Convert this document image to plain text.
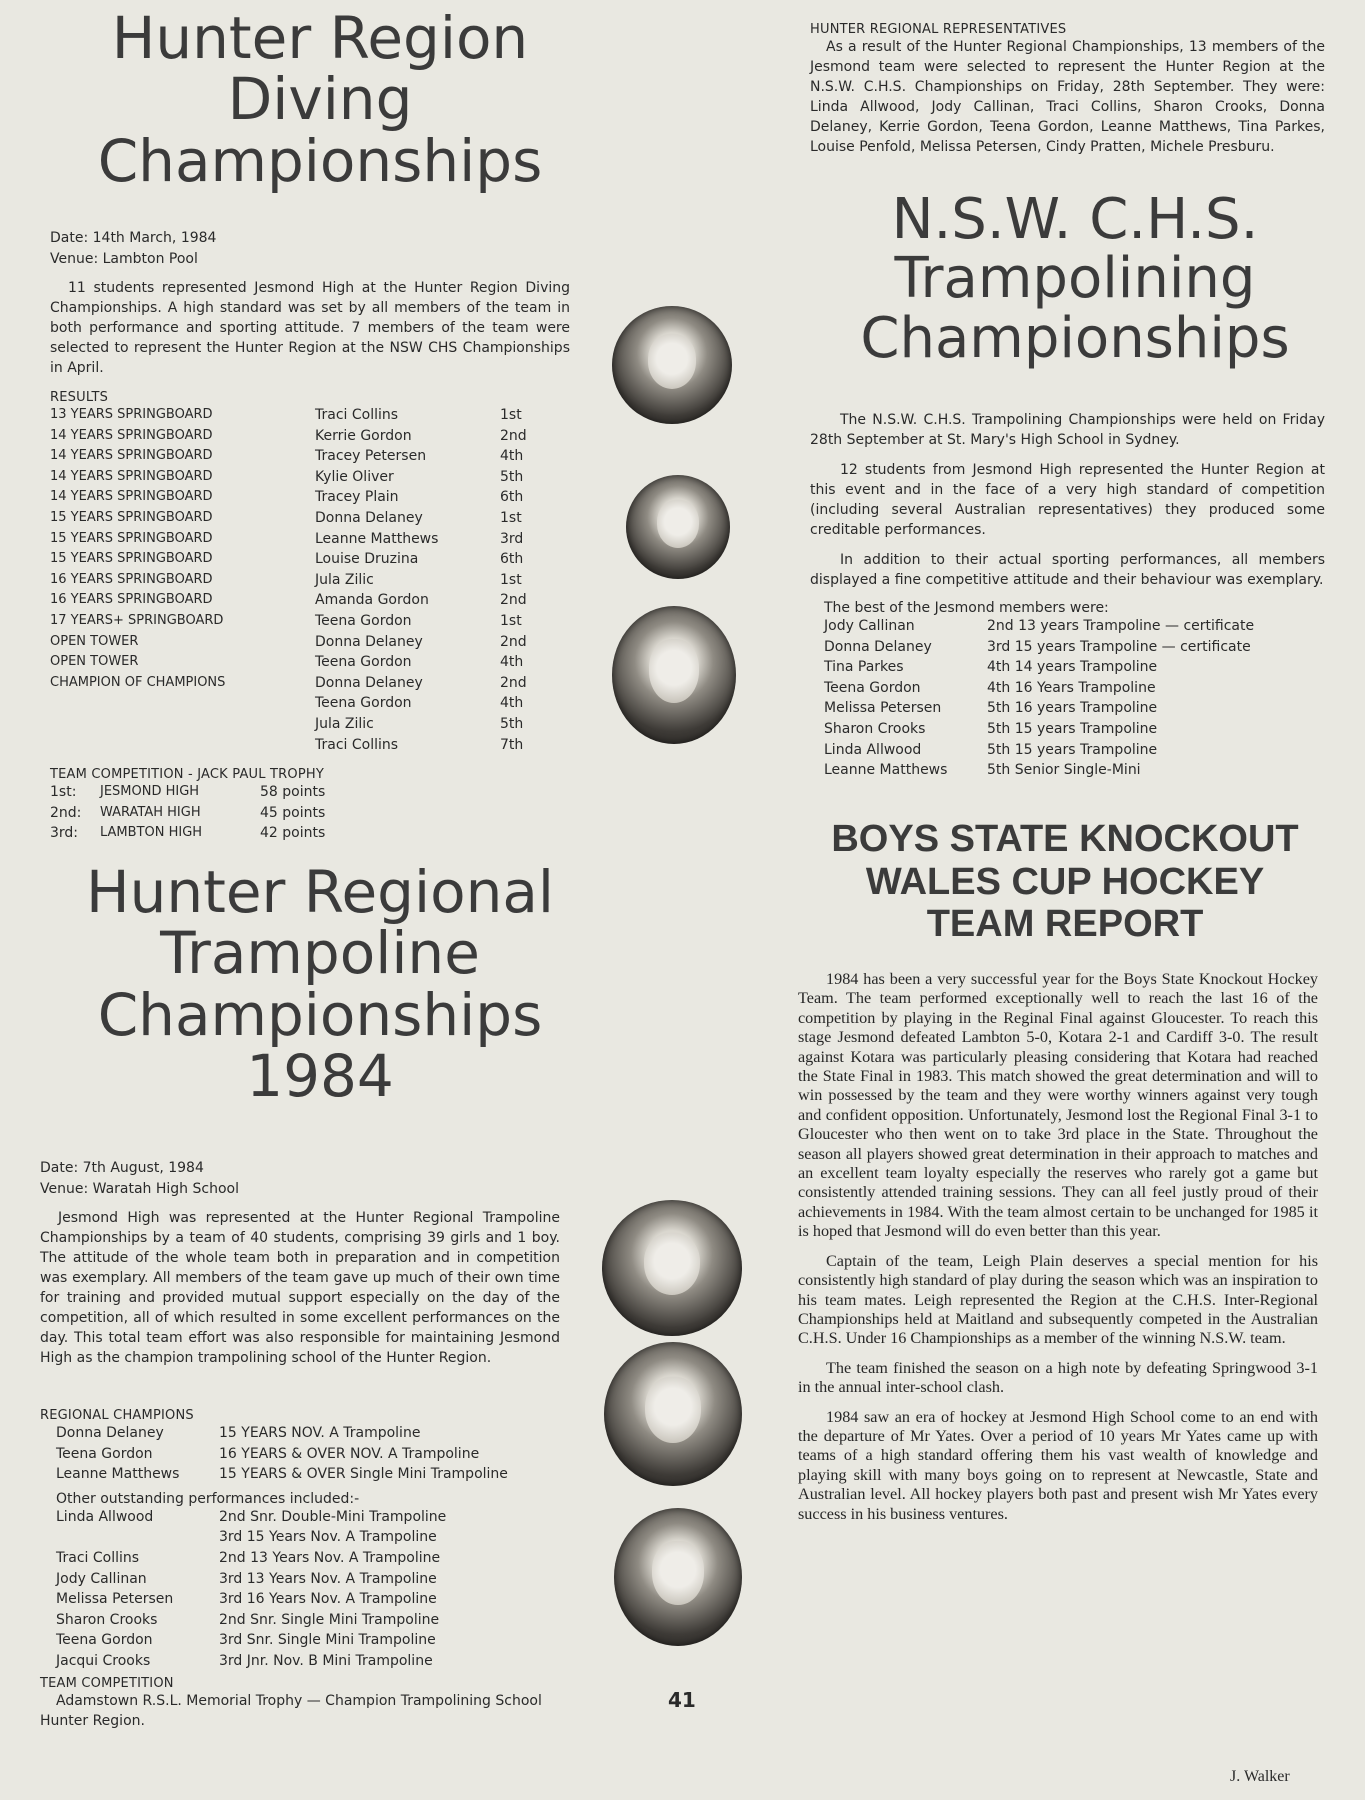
Hunter Region
Diving
Championships
Date: 14th March, 1984
Venue: Lambton Pool

11 students represented Jesmond High at the Hunter Region Diving Championships. A high standard was set by all members of the team in both performance and sporting attitude. 7 members of the team were selected to represent the Hunter Region at the NSW CHS Championships in April.

RESULTS
13 YEARS SPRINGBOARD	Traci Collins	1st
14 YEARS SPRINGBOARD	Kerrie Gordon	2nd
14 YEARS SPRINGBOARD	Tracey Petersen	4th
14 YEARS SPRINGBOARD	Kylie Oliver	5th
14 YEARS SPRINGBOARD	Tracey Plain	6th
15 YEARS SPRINGBOARD	Donna Delaney	1st
15 YEARS SPRINGBOARD	Leanne Matthews	3rd
15 YEARS SPRINGBOARD	Louise Druzina	6th
16 YEARS SPRINGBOARD	Jula Zilic	1st
16 YEARS SPRINGBOARD	Amanda Gordon	2nd
17 YEARS+ SPRINGBOARD	Teena Gordon	1st
OPEN TOWER	Donna Delaney	2nd
OPEN TOWER	Teena Gordon	4th
CHAMPION OF CHAMPIONS	Donna Delaney	2nd
	Teena Gordon	4th
	Jula Zilic	5th
	Traci Collins	7th
TEAM COMPETITION - JACK PAUL TROPHY
1st:	JESMOND HIGH	58 points
2nd:	WARATAH HIGH	45 points
3rd:	LAMBTON HIGH	42 points
Hunter Regional
Trampoline
Championships
1984
Date: 7th August, 1984
Venue: Waratah High School

Jesmond High was represented at the Hunter Regional Trampoline Championships by a team of 40 students, comprising 39 girls and 1 boy. The attitude of the whole team both in preparation and in competition was exemplary. All members of the team gave up much of their own time for training and provided mutual support especially on the day of the competition, all of which resulted in some excellent performances on the day. This total team effort was also responsible for maintaining Jesmond High as the champion trampolining school of the Hunter Region.

REGIONAL CHAMPIONS
Donna Delaney	15 YEARS NOV. A Trampoline
Teena Gordon	16 YEARS & OVER NOV. A Trampoline
Leanne Matthews	15 YEARS & OVER Single Mini Trampoline
Other outstanding performances included:-
Linda Allwood	2nd Snr. Double-Mini Trampoline
	3rd 15 Years Nov. A Trampoline
Traci Collins	2nd 13 Years Nov. A Trampoline
Jody Callinan	3rd 13 Years Nov. A Trampoline
Melissa Petersen	3rd 16 Years Nov. A Trampoline
Sharon Crooks	2nd Snr. Single Mini Trampoline
Teena Gordon	3rd Snr. Single Mini Trampoline
Jacqui Crooks	3rd Jnr. Nov. B Mini Trampoline
TEAM COMPETITION
Adamstown R.S.L. Memorial Trophy — Champion Trampolining School Hunter Region.
41
HUNTER REGIONAL REPRESENTATIVES

As a result of the Hunter Regional Championships, 13 members of the Jesmond team were selected to represent the Hunter Region at the N.S.W. C.H.S. Championships on Friday, 28th September. They were: Linda Allwood, Jody Callinan, Traci Collins, Sharon Crooks, Donna Delaney, Kerrie Gordon, Teena Gordon, Leanne Matthews, Tina Parkes, Louise Penfold, Melissa Petersen, Cindy Pratten, Michele Presburu.

N.S.W. C.H.S.
Trampolining
Championships

The N.S.W. C.H.S. Trampolining Championships were held on Friday 28th September at St. Mary's High School in Sydney.

12 students from Jesmond High represented the Hunter Region at this event and in the face of a very high standard of competition (including several Australian representatives) they produced some creditable performances.

In addition to their actual sporting performances, all members displayed a fine competitive attitude and their behaviour was exemplary.

The best of the Jesmond members were:
Jody Callinan	2nd 13 years Trampoline — certificate
Donna Delaney	3rd 15 years Trampoline — certificate
Tina Parkes	4th 14 years Trampoline
Teena Gordon	4th 16 Years Trampoline
Melissa Petersen	5th 16 years Trampoline
Sharon Crooks	5th 15 years Trampoline
Linda Allwood	5th 15 years Trampoline
Leanne Matthews	5th Senior Single-Mini
BOYS STATE KNOCKOUT
WALES CUP HOCKEY
TEAM REPORT

1984 has been a very successful year for the Boys State Knockout Hockey Team. The team performed exceptionally well to reach the last 16 of the competition by playing in the Reginal Final against Gloucester. To reach this stage Jesmond defeated Lambton 5-0, Kotara 2-1 and Cardiff 3-0. The result against Kotara was particularly pleasing considering that Kotara had reached the State Final in 1983. This match showed the great determination and will to win possessed by the team and they were worthy winners against very tough and confident opposition. Unfortunately, Jesmond lost the Regional Final 3-1 to Gloucester who then went on to take 3rd place in the State. Throughout the season all players showed great determination in their approach to matches and an excellent team loyalty especially the reserves who rarely got a game but consistently attended training sessions. They can all feel justly proud of their achievements in 1984. With the team almost certain to be unchanged for 1985 it is hoped that Jesmond will do even better than this year.

Captain of the team, Leigh Plain deserves a special mention for his consistently high standard of play during the season which was an inspiration to his team mates. Leigh represented the Region at the C.H.S. Inter-Regional Championships held at Maitland and subsequently competed in the Australian C.H.S. Under 16 Championships as a member of the winning N.S.W. team.

The team finished the season on a high note by defeating Springwood 3-1 in the annual inter-school clash.

1984 saw an era of hockey at Jesmond High School come to an end with the departure of Mr Yates. Over a period of 10 years Mr Yates came up with teams of a high standard offering them his vast wealth of knowledge and playing skill with many boys going on to represent at Newcastle, State and Australian level. All hockey players both past and present wish Mr Yates every success in his business ventures.

J. Walker
